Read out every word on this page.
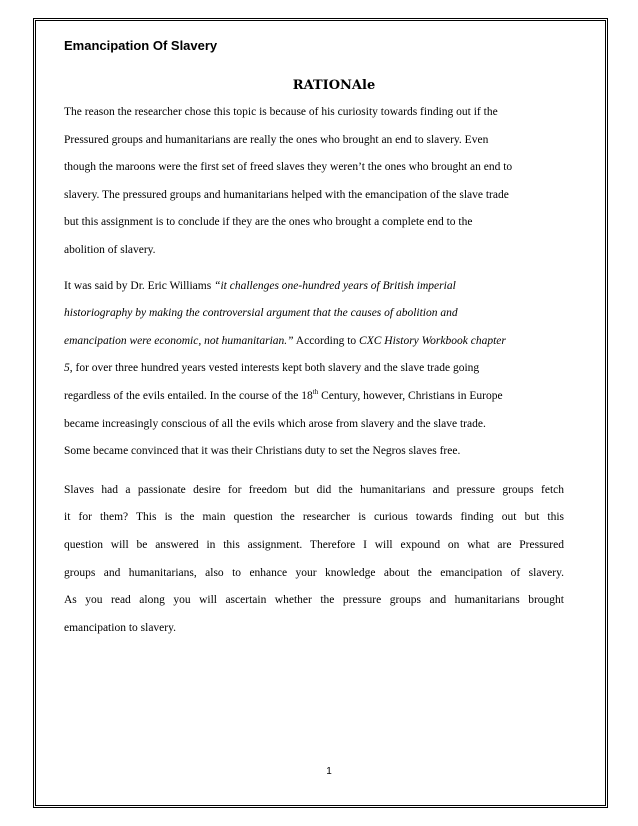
Emancipation Of Slavery
RATIONAle

The reason the researcher chose this topic is because of his curiosity towards finding out if the

Pressured groups and humanitarians are really the ones who brought an end to slavery. Even

though the maroons were the first set of freed slaves they weren’t the ones who brought an end to

slavery. The pressured groups and humanitarians helped with the emancipation of the slave trade

but this assignment is to conclude if they are the ones who brought a complete end to the

abolition of slavery.

It was said by Dr. Eric Williams “it challenges one-hundred years of British imperial

historiography by making the controversial argument that the causes of abolition and

emancipation were economic, not humanitarian.” According to CXC History Workbook chapter

5, for over three hundred years vested interests kept both slavery and the slave trade going

regardless of the evils entailed. In the course of the 18th Century, however, Christians in Europe

became increasingly conscious of all the evils which arose from slavery and the slave trade.

Some became convinced that it was their Christians duty to set the Negros slaves free.

Slaves had a passionate desire for freedom but did the humanitarians and pressure groups fetch

it for them? This is the main question the researcher is curious towards finding out but this

question will be answered in this assignment. Therefore I will expound on what are Pressured

groups and humanitarians, also to enhance your knowledge about the emancipation of slavery.

As you read along you will ascertain whether the pressure groups and humanitarians brought

emancipation to slavery.

1
